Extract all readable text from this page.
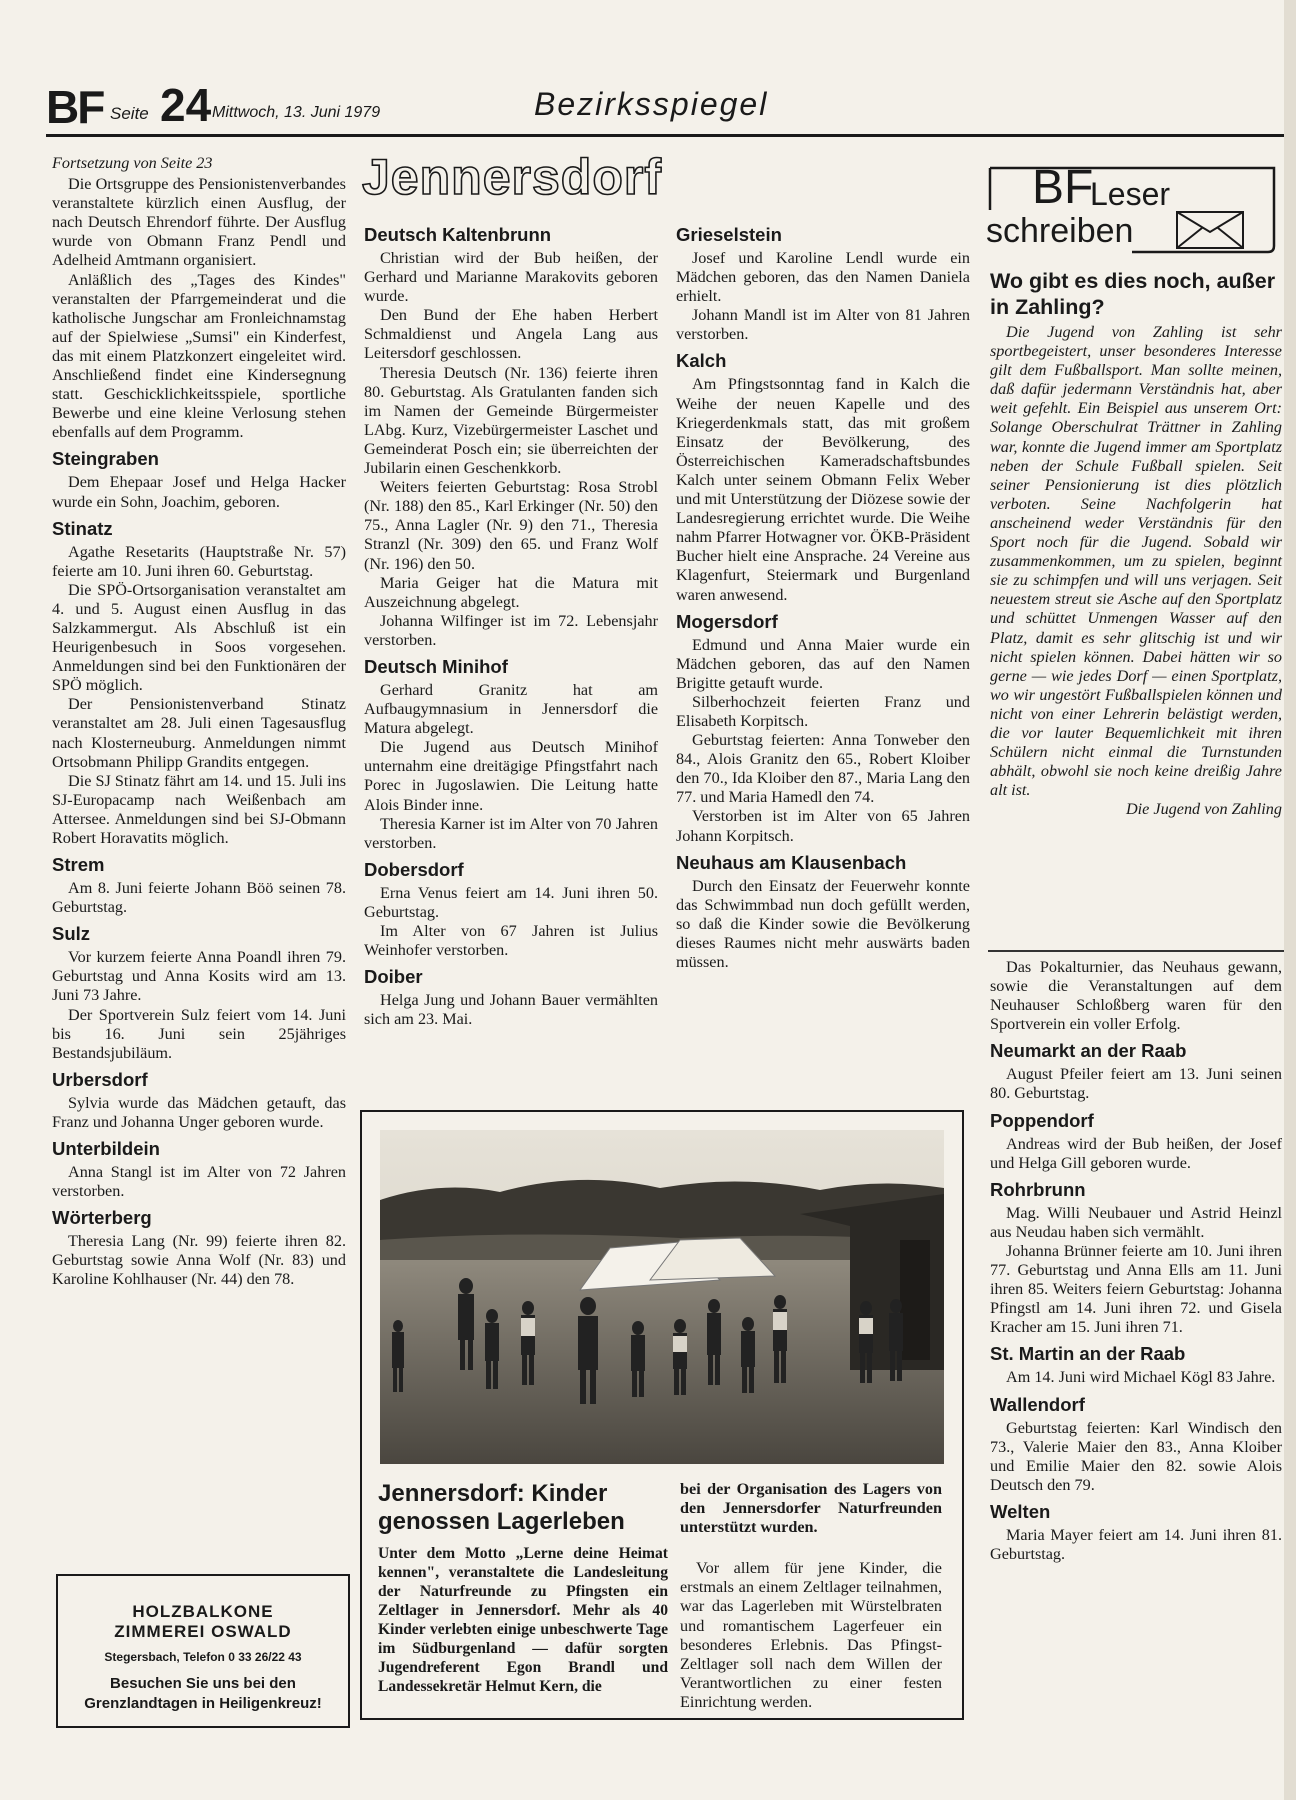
BF Seite 24 Mittwoch, 13. Juni 1979	Bezirksspiegel

Fortsetzung von Seite 23

Die Ortsgruppe des Pensionistenverbandes veranstaltete kürzlich einen Ausflug, der nach Deutsch Ehrendorf führte. Der Ausflug wurde von Obmann Franz Pendl und Adelheid Amtmann organisiert.

Anläßlich des „Tages des Kindes" veranstalten der Pfarrgemeinderat und die katholische Jungschar am Fronleichnamstag auf der Spielwiese „Sumsi" ein Kinderfest, das mit einem Platzkonzert eingeleitet wird. Anschließend findet eine Kindersegnung statt. Geschicklichkeitsspiele, sportliche Bewerbe und eine kleine Verlosung stehen ebenfalls auf dem Programm.

Steingraben

Dem Ehepaar Josef und Helga Hacker wurde ein Sohn, Joachim, geboren.

Stinatz

Agathe Resetarits (Hauptstraße Nr. 57) feierte am 10. Juni ihren 60. Geburtstag.

Die SPÖ-Ortsorganisation veranstaltet am 4. und 5. August einen Ausflug in das Salzkammergut. Als Abschluß ist ein Heurigenbesuch in Soos vorgesehen. Anmeldungen sind bei den Funktionären der SPÖ möglich.

Der Pensionistenverband Stinatz veranstaltet am 28. Juli einen Tagesausflug nach Klosterneuburg. Anmeldungen nimmt Ortsobmann Philipp Grandits entgegen.

Die SJ Stinatz fährt am 14. und 15. Juli ins SJ-Europacamp nach Weißenbach am Attersee. Anmeldungen sind bei SJ-Obmann Robert Horavatits möglich.

Strem

Am 8. Juni feierte Johann Böö seinen 78. Geburtstag.

Sulz

Vor kurzem feierte Anna Poandl ihren 79. Geburtstag und Anna Kosits wird am 13. Juni 73 Jahre.

Der Sportverein Sulz feiert vom 14. Juni bis 16. Juni sein 25jähriges Bestandsjubiläum.

Urbersdorf

Sylvia wurde das Mädchen getauft, das Franz und Johanna Unger geboren wurde.

Unterbildein

Anna Stangl ist im Alter von 72 Jahren verstorben.

Wörterberg

Theresia Lang (Nr. 99) feierte ihren 82. Geburtstag sowie Anna Wolf (Nr. 83) und Karoline Kohlhauser (Nr. 44) den 78.

HOLZBALKONE
ZIMMEREI OSWALD
Stegersbach, Telefon 0 33 26/22 43
Besuchen Sie uns bei den Grenzlandtagen in Heiligenkreuz!
Jennersdorf
Deutsch Kaltenbrunn

Christian wird der Bub heißen, der Gerhard und Marianne Marakovits geboren wurde.

Den Bund der Ehe haben Herbert Schmaldienst und Angela Lang aus Leitersdorf geschlossen.

Theresia Deutsch (Nr. 136) feierte ihren 80. Geburtstag. Als Gratulanten fanden sich im Namen der Gemeinde Bürgermeister LAbg. Kurz, Vizebürgermeister Laschet und Gemeinderat Posch ein; sie überreichten der Jubilarin einen Geschenkkorb.

Weiters feierten Geburtstag: Rosa Strobl (Nr. 188) den 85., Karl Erkinger (Nr. 50) den 75., Anna Lagler (Nr. 9) den 71., Theresia Stranzl (Nr. 309) den 65. und Franz Wolf (Nr. 196) den 50.

Maria Geiger hat die Matura mit Auszeichnung abgelegt.

Johanna Wilfinger ist im 72. Lebensjahr verstorben.

Deutsch Minihof

Gerhard Granitz hat am Aufbaugymnasium in Jennersdorf die Matura abgelegt.

Die Jugend aus Deutsch Minihof unternahm eine dreitägige Pfingstfahrt nach Porec in Jugoslawien. Die Leitung hatte Alois Binder inne.

Theresia Karner ist im Alter von 70 Jahren verstorben.

Dobersdorf

Erna Venus feiert am 14. Juni ihren 50. Geburtstag.

Im Alter von 67 Jahren ist Julius Weinhofer verstorben.

Doiber

Helga Jung und Johann Bauer vermählten sich am 23. Mai.

Grieselstein

Josef und Karoline Lendl wurde ein Mädchen geboren, das den Namen Daniela erhielt.

Johann Mandl ist im Alter von 81 Jahren verstorben.

Kalch

Am Pfingstsonntag fand in Kalch die Weihe der neuen Kapelle und des Kriegerdenkmals statt, das mit großem Einsatz der Bevölkerung, des Österreichischen Kameradschaftsbundes Kalch unter seinem Obmann Felix Weber und mit Unterstützung der Diözese sowie der Landesregierung errichtet wurde. Die Weihe nahm Pfarrer Hotwagner vor. ÖKB-Präsident Bucher hielt eine Ansprache. 24 Vereine aus Klagenfurt, Steiermark und Burgenland waren anwesend.

Mogersdorf

Edmund und Anna Maier wurde ein Mädchen geboren, das auf den Namen Brigitte getauft wurde.

Silberhochzeit feierten Franz und Elisabeth Korpitsch.

Geburtstag feierten: Anna Tonweber den 84., Alois Granitz den 65., Robert Kloiber den 70., Ida Kloiber den 87., Maria Lang den 77. und Maria Hamedl den 74.

Verstorben ist im Alter von 65 Jahren Johann Korpitsch.

Neuhaus am Klausenbach

Durch den Einsatz der Feuerwehr konnte das Schwimmbad nun doch gefüllt werden, so daß die Kinder sowie die Bevölkerung dieses Raumes nicht mehr auswärts baden müssen.

BF
Leser
schreiben
Wo gibt es dies noch, außer in Zahling?

Die Jugend von Zahling ist sehr sportbegeistert, unser besonderes Interesse gilt dem Fußballsport. Man sollte meinen, daß dafür jedermann Verständnis hat, aber weit gefehlt. Ein Beispiel aus unserem Ort: Solange Oberschulrat Trättner in Zahling war, konnte die Jugend immer am Sportplatz neben der Schule Fußball spielen. Seit seiner Pensionierung ist dies plötzlich verboten. Seine Nachfolgerin hat anscheinend weder Verständnis für den Sport noch für die Jugend. Sobald wir zusammenkommen, um zu spielen, beginnt sie zu schimpfen und will uns verjagen. Seit neuestem streut sie Asche auf den Sportplatz und schüttet Unmengen Wasser auf den Platz, damit es sehr glitschig ist und wir nicht spielen können. Dabei hätten wir so gerne — wie jedes Dorf — einen Sportplatz, wo wir ungestört Fußballspielen können und nicht von einer Lehrerin belästigt werden, die vor lauter Bequemlichkeit mit ihren Schülern nicht einmal die Turnstunden abhält, obwohl sie noch keine dreißig Jahre alt ist.

Die Jugend von Zahling

Das Pokalturnier, das Neuhaus gewann, sowie die Veranstaltungen auf dem Neuhauser Schloßberg waren für den Sportverein ein voller Erfolg.

Neumarkt an der Raab

August Pfeiler feiert am 13. Juni seinen 80. Geburtstag.

Poppendorf

Andreas wird der Bub heißen, der Josef und Helga Gill geboren wurde.

Rohrbrunn

Mag. Willi Neubauer und Astrid Heinzl aus Neudau haben sich vermählt.

Johanna Brünner feierte am 10. Juni ihren 77. Geburtstag und Anna Ells am 11. Juni ihren 85. Weiters feiern Geburtstag: Johanna Pfingstl am 14. Juni ihren 72. und Gisela Kracher am 15. Juni ihren 71.

St. Martin an der Raab

Am 14. Juni wird Michael Kögl 83 Jahre.

Wallendorf

Geburtstag feierten: Karl Windisch den 73., Valerie Maier den 83., Anna Kloiber und Emilie Maier den 82. sowie Alois Deutsch den 79.

Welten

Maria Mayer feiert am 14. Juni ihren 81. Geburtstag.

Jennersdorf: Kinder genossen Lagerleben
Unter dem Motto „Lerne deine Heimat kennen", veranstaltete die Landesleitung der Naturfreunde zu Pfingsten ein Zeltlager in Jennersdorf. Mehr als 40 Kinder verlebten einige unbeschwerte Tage im Südburgenland — dafür sorgten Jugendreferent Egon Brandl und Landessekretär Helmut Kern, die
bei der Organisation des Lagers von den Jennersdorfer Naturfreunden unterstützt wurden.
Vor allem für jene Kinder, die erstmals an einem Zeltlager teilnahmen, war das Lagerleben mit Würstelbraten und romantischem Lagerfeuer ein besonderes Erlebnis. Das Pfingst-Zeltlager soll nach dem Willen der Verantwortlichen zu einer festen Einrichtung werden.
